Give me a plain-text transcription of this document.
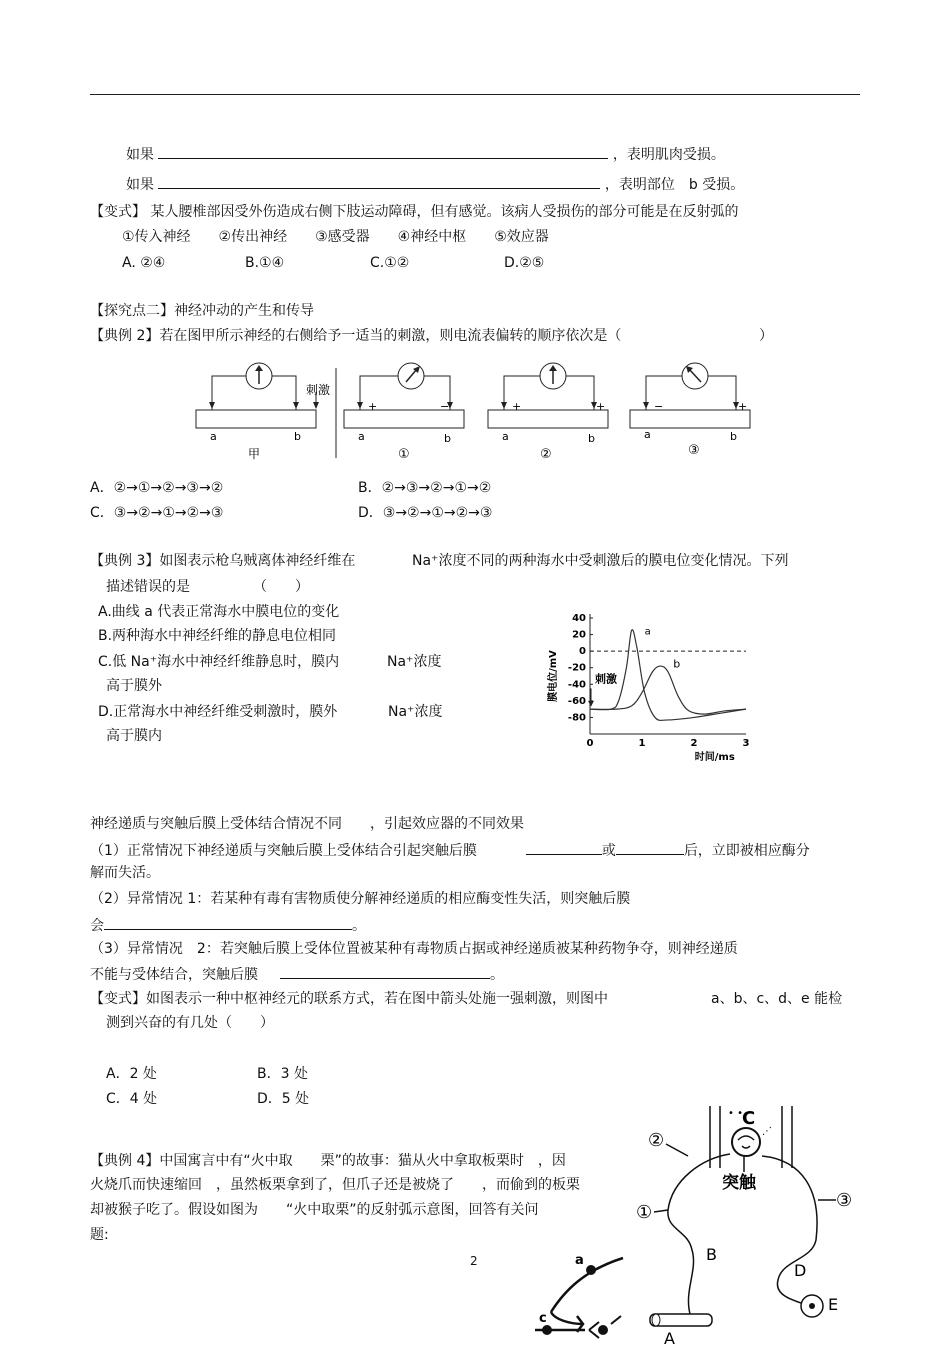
如果	，表明肌肉受损。
如果	，表明部位　b 受损。
【变式】 某人腰椎部因受外伤造成右侧下肢运动障碍，但有感觉。该病人受损伤的部分可能是在反射弧的
①传入神经　　②传出神经　　③感受器　　④神经中枢　　⑤效应器
A. ②④	B.①④	C.①②	D.②⑤
【探究点二】神经冲动的产生和传导
【典例 2】若在图甲所示神经的右侧给予一适当的刺激，则电流表偏转的顺序依次是（	）
刺激
a	b
甲
+	−
a	b
①
+	+
a	b
②
−	+
a	b
③
A．②→①→②→③→②	B．②→③→②→①→②
C．③→②→①→②→③	D．③→②→①→②→③
【典例 3】如图表示枪乌贼离体神经纤维在	Na⁺浓度不同的两种海水中受刺激后的膜电位变化情况。下列
描述错误的是　　　　　（　　）
A.曲线 a 代表正常海水中膜电位的变化
B.两种海水中神经纤维的静息电位相同
C.低 Na⁺海水中神经纤维静息时，膜内	Na⁺浓度
高于膜外
D.正常海水中神经纤维受刺激时，膜外	Na⁺浓度
高于膜内
40
20
0
-20
-40
-60
-80
0	1	2	3
a
b
刺激
膜电位/mV
时间/ms
神经递质与突触后膜上受体结合情况不同　　，引起效应器的不同效果
（1）正常情况下神经递质与突触后膜上受体结合引起突触后膜	或	后，立即被相应酶分
解而失活。
（2）异常情况 1：若某种有毒有害物质使分解神经递质的相应酶变性失活，则突触后膜
会	。
（3）异常情况　2：若突触后膜上受体位置被某种有毒物质占据或神经递质被某种药物争夺，则神经递质
不能与受体结合，突触后膜	。
【变式】如图表示一种中枢神经元的联系方式，若在图中箭头处施一强刺激，则图中	a、b、c、d、e 能检
测到兴奋的有几处（　　）
A．2 处	B．3 处
C．4 处	D．5 处
【典例 4】中国寓言中有“火中取　　栗”的故事：猫从火中拿取板栗时　，因
火烧爪而快速缩回　，虽然板栗拿到了，但爪子还是被烧了　　，而偷到的板栗
却被猴子吃了。假设如图为　　“火中取栗”的反射弧示意图，回答有关问
题:
2	a
c
C
• •
⋰
突触
②
①
③
B
D
A
E
